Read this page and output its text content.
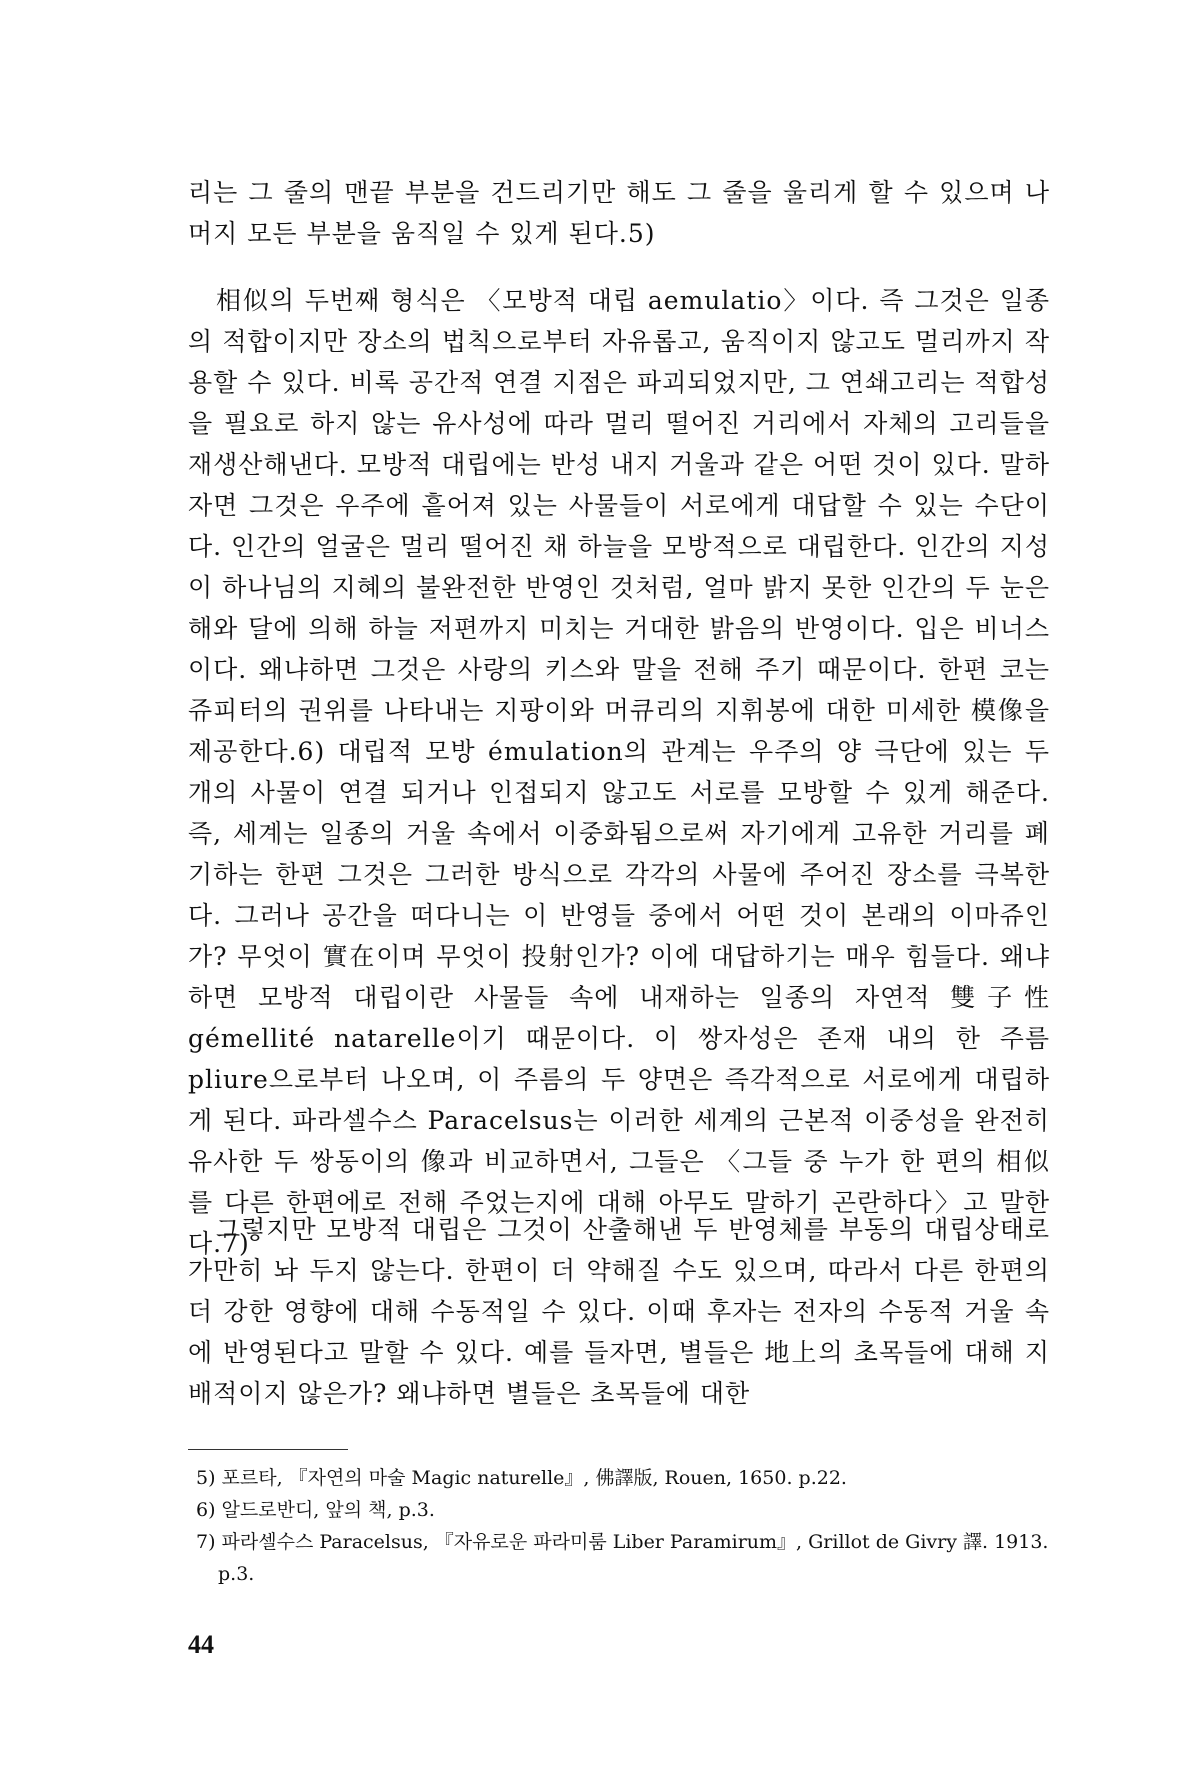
리는 그 줄의 맨끝 부분을 건드리기만 해도 그 줄을 울리게 할 수 있으며 나머지 모든 부분을 움직일 수 있게 된다.5)
相似의 두번째 형식은 〈모방적 대립 aemulatio〉이다. 즉 그것은 일종의 적합이지만 장소의 법칙으로부터 자유롭고, 움직이지 않고도 멀리까지 작용할 수 있다. 비록 공간적 연결 지점은 파괴되었지만, 그 연쇄고리는 적합성을 필요로 하지 않는 유사성에 따라 멀리 떨어진 거리에서 자체의 고리들을 재생산해낸다. 모방적 대립에는 반성 내지 거울과 같은 어떤 것이 있다. 말하자면 그것은 우주에 흩어져 있는 사물들이 서로에게 대답할 수 있는 수단이다. 인간의 얼굴은 멀리 떨어진 채 하늘을 모방적으로 대립한다. 인간의 지성이 하나님의 지혜의 불완전한 반영인 것처럼, 얼마 밝지 못한 인간의 두 눈은 해와 달에 의해 하늘 저편까지 미치는 거대한 밝음의 반영이다. 입은 비너스이다. 왜냐하면 그것은 사랑의 키스와 말을 전해 주기 때문이다. 한편 코는 쥬피터의 권위를 나타내는 지팡이와 머큐리의 지휘봉에 대한 미세한 模像을 제공한다.6) 대립적 모방 émulation의 관계는 우주의 양 극단에 있는 두 개의 사물이 연결 되거나 인접되지 않고도 서로를 모방할 수 있게 해준다. 즉, 세계는 일종의 거울 속에서 이중화됨으로써 자기에게 고유한 거리를 폐기하는 한편 그것은 그러한 방식으로 각각의 사물에 주어진 장소를 극복한다. 그러나 공간을 떠다니는 이 반영들 중에서 어떤 것이 본래의 이마쥬인가? 무엇이 實在이며 무엇이 投射인가? 이에 대답하기는 매우 힘들다. 왜냐하면 모방적 대립이란 사물들 속에 내재하는 일종의 자연적 雙子性 gémellité natarelle이기 때문이다. 이 쌍자성은 존재 내의 한 주름 pliure으로부터 나오며, 이 주름의 두 양면은 즉각적으로 서로에게 대립하게 된다. 파라셀수스 Paracelsus는 이러한 세계의 근본적 이중성을 완전히 유사한 두 쌍동이의 像과 비교하면서, 그들은 〈그들 중 누가 한 편의 相似를 다른 한편에로 전해 주었는지에 대해 아무도 말하기 곤란하다〉고 말한다.7)
그렇지만 모방적 대립은 그것이 산출해낸 두 반영체를 부동의 대립상태로 가만히 놔 두지 않는다. 한편이 더 약해질 수도 있으며, 따라서 다른 한편의 더 강한 영향에 대해 수동적일 수 있다. 이때 후자는 전자의 수동적 거울 속에 반영된다고 말할 수 있다. 예를 들자면, 별들은 地上의 초목들에 대해 지배적이지 않은가? 왜냐하면 별들은 초목들에 대한
5) 포르타, 『자연의 마술 Magic naturelle』, 佛譯版, Rouen, 1650. p.22.
6) 알드로반디, 앞의 책, p.3.
7) 파라셀수스 Paracelsus, 『자유로운 파라미룸 Liber Paramirum』, Grillot de Givry 譯. 1913. p.3.
44
